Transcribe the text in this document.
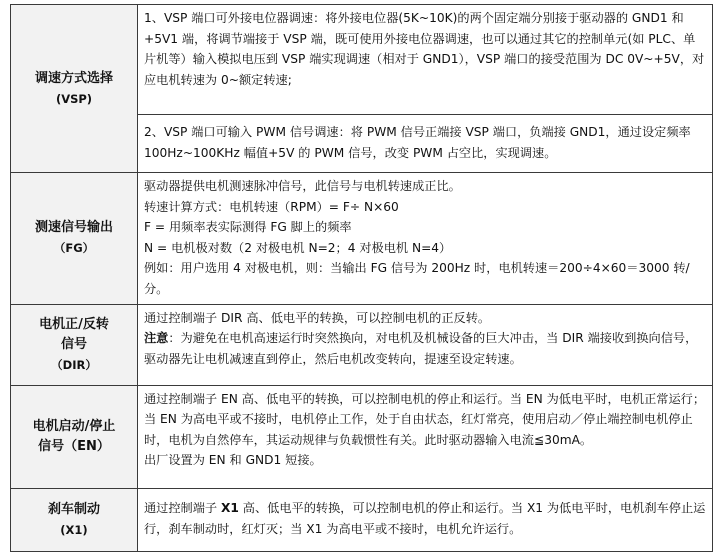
调速方式选择
(VSP)	1、VSP 端口可外接电位器调速：将外接电位器(5K~10K)的两个固定端分别接于驱动器的 GND1 和+5V1 端，将调节端接于 VSP 端，既可使用外接电位器调速，也可以通过其它的控制单元(如 PLC、单片机等）输入模拟电压到 VSP 端实现调速（相对于 GND1），VSP 端口的接受范围为 DC 0V~+5V，对应电机转速为 0~额定转速;
	2、VSP 端口可输入 PWM 信号调速：将 PWM 信号正端接 VSP 端口，负端接 GND1，通过设定频率 100Hz~100KHz 幅值+5V 的 PWM 信号，改变 PWM 占空比，实现调速。
测速信号输出
（FG）	驱动器提供电机测速脉冲信号，此信号与电机转速成正比。
转速计算方式：电机转速（RPM）= F÷ N×60
F = 用频率表实际测得 FG 脚上的频率
N = 电机极对数（2 对极电机 N=2；4 对极电机 N=4）
例如：用户选用 4 对极电机，则：当输出 FG 信号为 200Hz 时，电机转速＝200÷4×60＝3000 转/分。

电机正/反转
信号
（DIR）	通过控制端子 DIR 高、低电平的转换，可以控制电机的正反转。
注意：为避免在电机高速运行时突然换向，对电机及机械设备的巨大冲击，当 DIR 端接收到换向信号，驱动器先让电机减速直到停止，然后电机改变转向，提速至设定转速。

电机启动/停止
信号（EN）	通过控制端子 EN 高、低电平的转换，可以控制电机的停止和运行。当 EN 为低电平时，电机正常运行；当 EN 为高电平或不接时，电机停止工作，处于自由状态，红灯常亮，使用启动／停止端控制电机停止时，电机为自然停车，其运动规律与负载惯性有关。此时驱动器输入电流≦30mA。
出厂设置为 EN 和 GND1 短接。

刹车制动
(X1)	通过控制端子 X1 高、低电平的转换，可以控制电机的停止和运行。当 X1 为低电平时，电机刹车停止运行，刹车制动时，红灯灭；当 X1 为高电平或不接时，电机允许运行。
